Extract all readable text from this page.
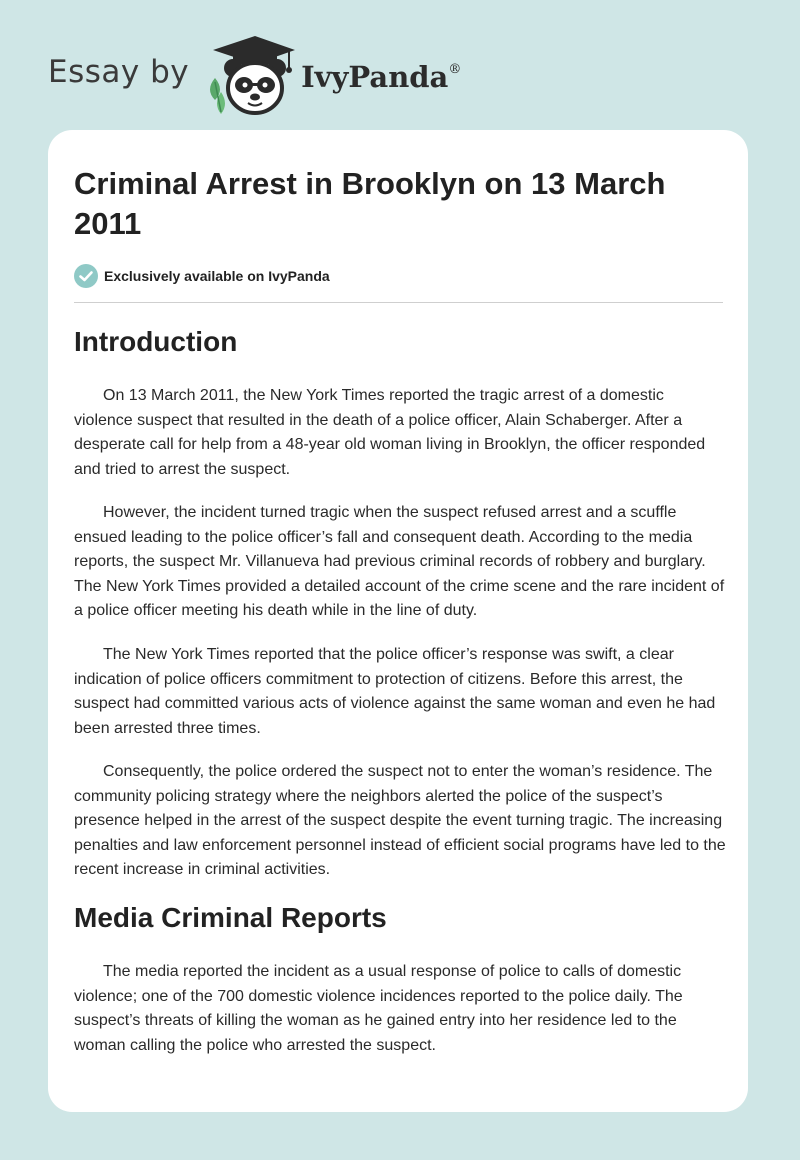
Essay by	IvyPanda®
Criminal Arrest in Brooklyn on 13 March 2011
Exclusively available on IvyPanda
Introduction

On 13 March 2011, the New York Times reported the tragic arrest of a domestic violence suspect that resulted in the death of a police officer, Alain Schaberger. After a desperate call for help from a 48-year old woman living in Brooklyn, the officer responded and tried to arrest the suspect.

However, the incident turned tragic when the suspect refused arrest and a scuffle ensued leading to the police officer’s fall and consequent death. According to the media reports, the suspect Mr. Villanueva had previous criminal records of robbery and burglary. The New York Times provided a detailed account of the crime scene and the rare incident of a police officer meeting his death while in the line of duty.

The New York Times reported that the police officer’s response was swift, a clear indication of police officers commitment to protection of citizens. Before this arrest, the suspect had committed various acts of violence against the same woman and even he had been arrested three times.

Consequently, the police ordered the suspect not to enter the woman’s residence. The community policing strategy where the neighbors alerted the police of the suspect’s presence helped in the arrest of the suspect despite the event turning tragic. The increasing penalties and law enforcement personnel instead of efficient social programs have led to the recent increase in criminal activities.

Media Criminal Reports

The media reported the incident as a usual response of police to calls of domestic violence; one of the 700 domestic violence incidences reported to the police daily. The suspect’s threats of killing the woman as he gained entry into her residence led to the woman calling the police who arrested the suspect.
